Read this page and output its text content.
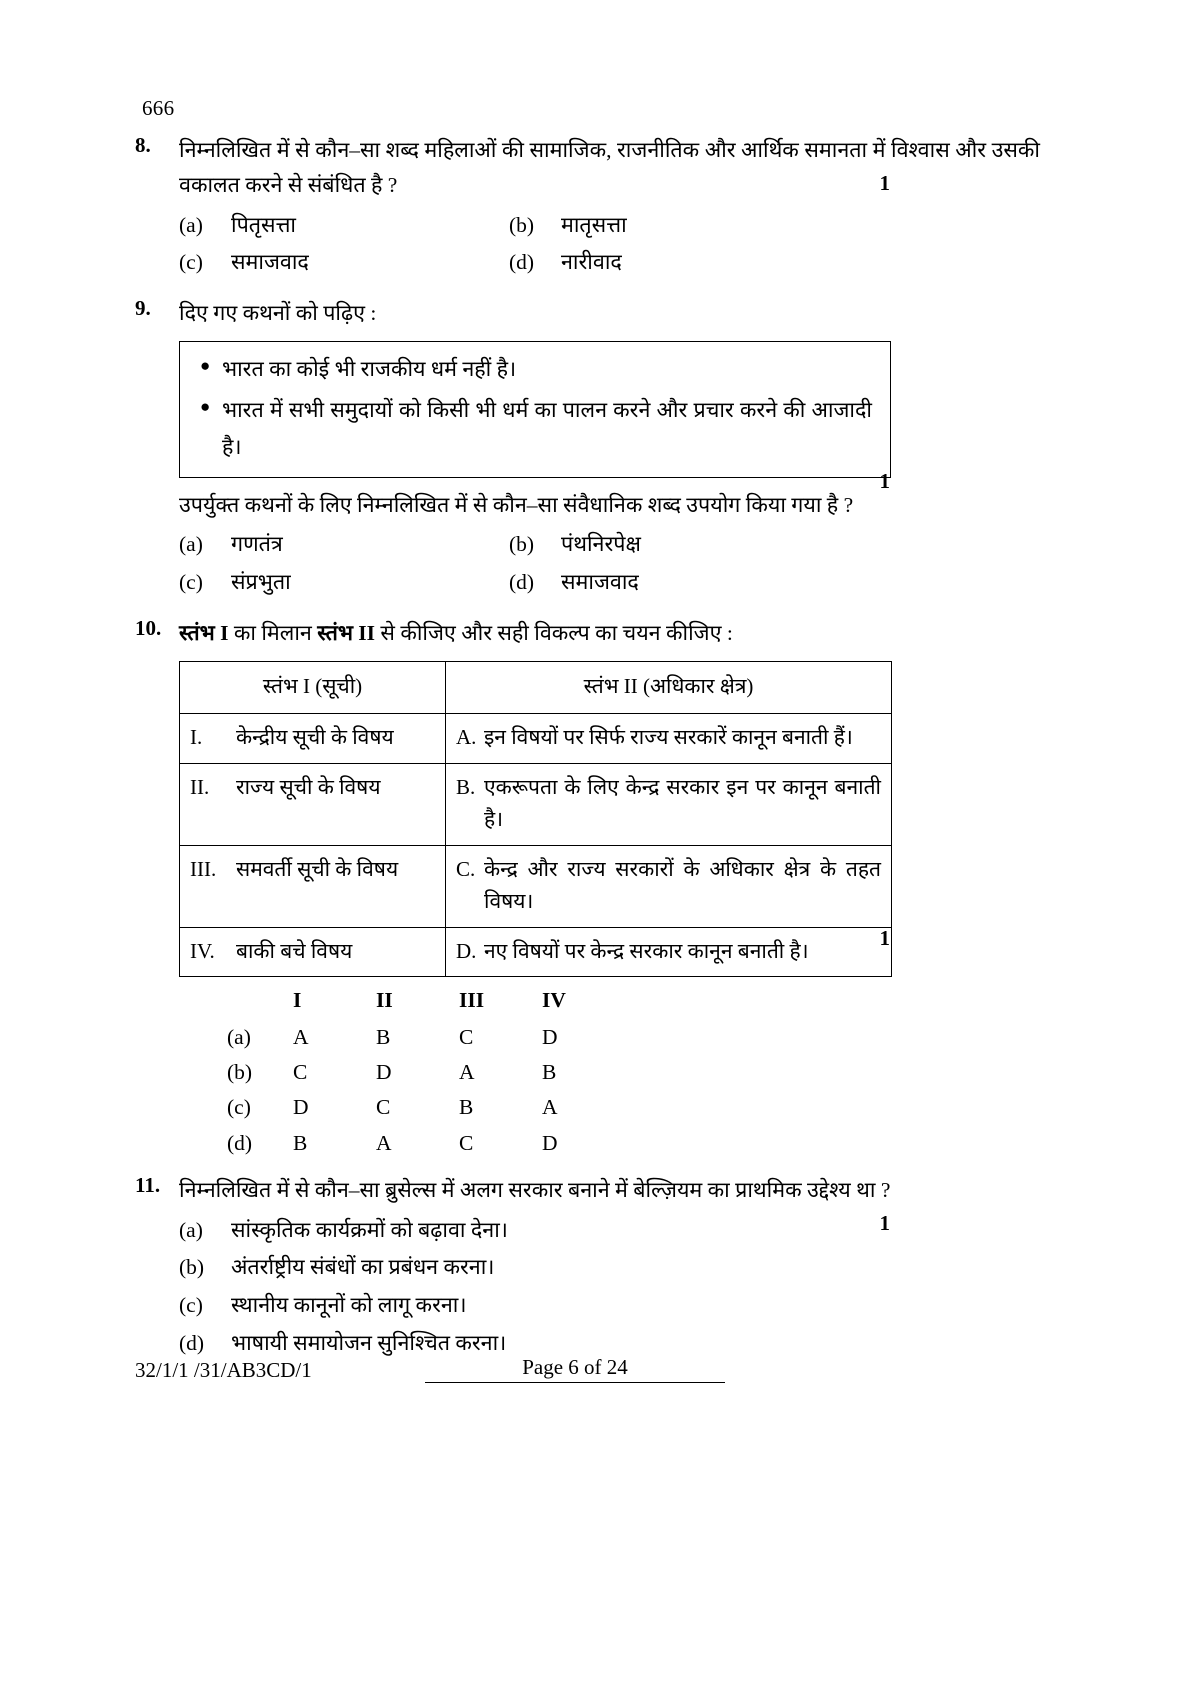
666
8.	निम्नलिखित में से कौन–सा शब्द महिलाओं की सामाजिक, राजनीतिक और आर्थिक समानता में विश्वास और उसकी वकालत करने से संबंधित है ?	1
(a)	पितृसत्ता	(b)	मातृसत्ता
(c)	समाजवाद	(d)	नारीवाद
9.	दिए गए कथनों को पढ़िए :
● भारत का कोई भी राजकीय धर्म नहीं है।
● भारत में सभी समुदायों को किसी भी धर्म का पालन करने और प्रचार करने की आजादी है।
उपर्युक्त कथनों के लिए निम्नलिखित में से कौन–सा संवैधानिक शब्द उपयोग किया गया है ?
1
(a)	गणतंत्र	(b)	पंथनिरपेक्ष
(c)	संप्रभुता	(d)	समाजवाद
10. स्तंभ I का मिलान स्तंभ II से कीजिए और सही विकल्प का चयन कीजिए :
स्तंभ I (सूची)	स्तंभ II (अधिकार क्षेत्र)

I. केन्द्रीय सूची के विषय	A. इन विषयों पर सिर्फ राज्य सरकारें कानून बनाती हैं।

II. राज्य सूची के विषय	B. एकरूपता के लिए केन्द्र सरकार इन पर कानून बनाती है।

III. समवर्ती सूची के विषय	C. केन्द्र और राज्य सरकारों के अधिकार क्षेत्र के तहत विषय।

IV. बाकी बचे विषय	D. नए विषयों पर केन्द्र सरकार कानून बनाती है।
1
	I	II	III	IV
(a)	A	B	C	D
(b)	C	D	A	B
(c)	D	C	B	A
(d)	B	A	C	D
11. निम्नलिखित में से कौन–सा ब्रुसेल्स में अलग सरकार बनाने में बेल्ज़ियम का प्राथमिक उद्देश्य था ?
1
(a)	सांस्कृतिक कार्यक्रमों को बढ़ावा देना।
(b)	अंतर्राष्ट्रीय संबंधों का प्रबंधन करना।
(c)	स्थानीय कानूनों को लागू करना।
(d)	भाषायी समायोजन सुनिश्चित करना।
32/1/1 /31/AB3CD/1	Page 6 of 24
